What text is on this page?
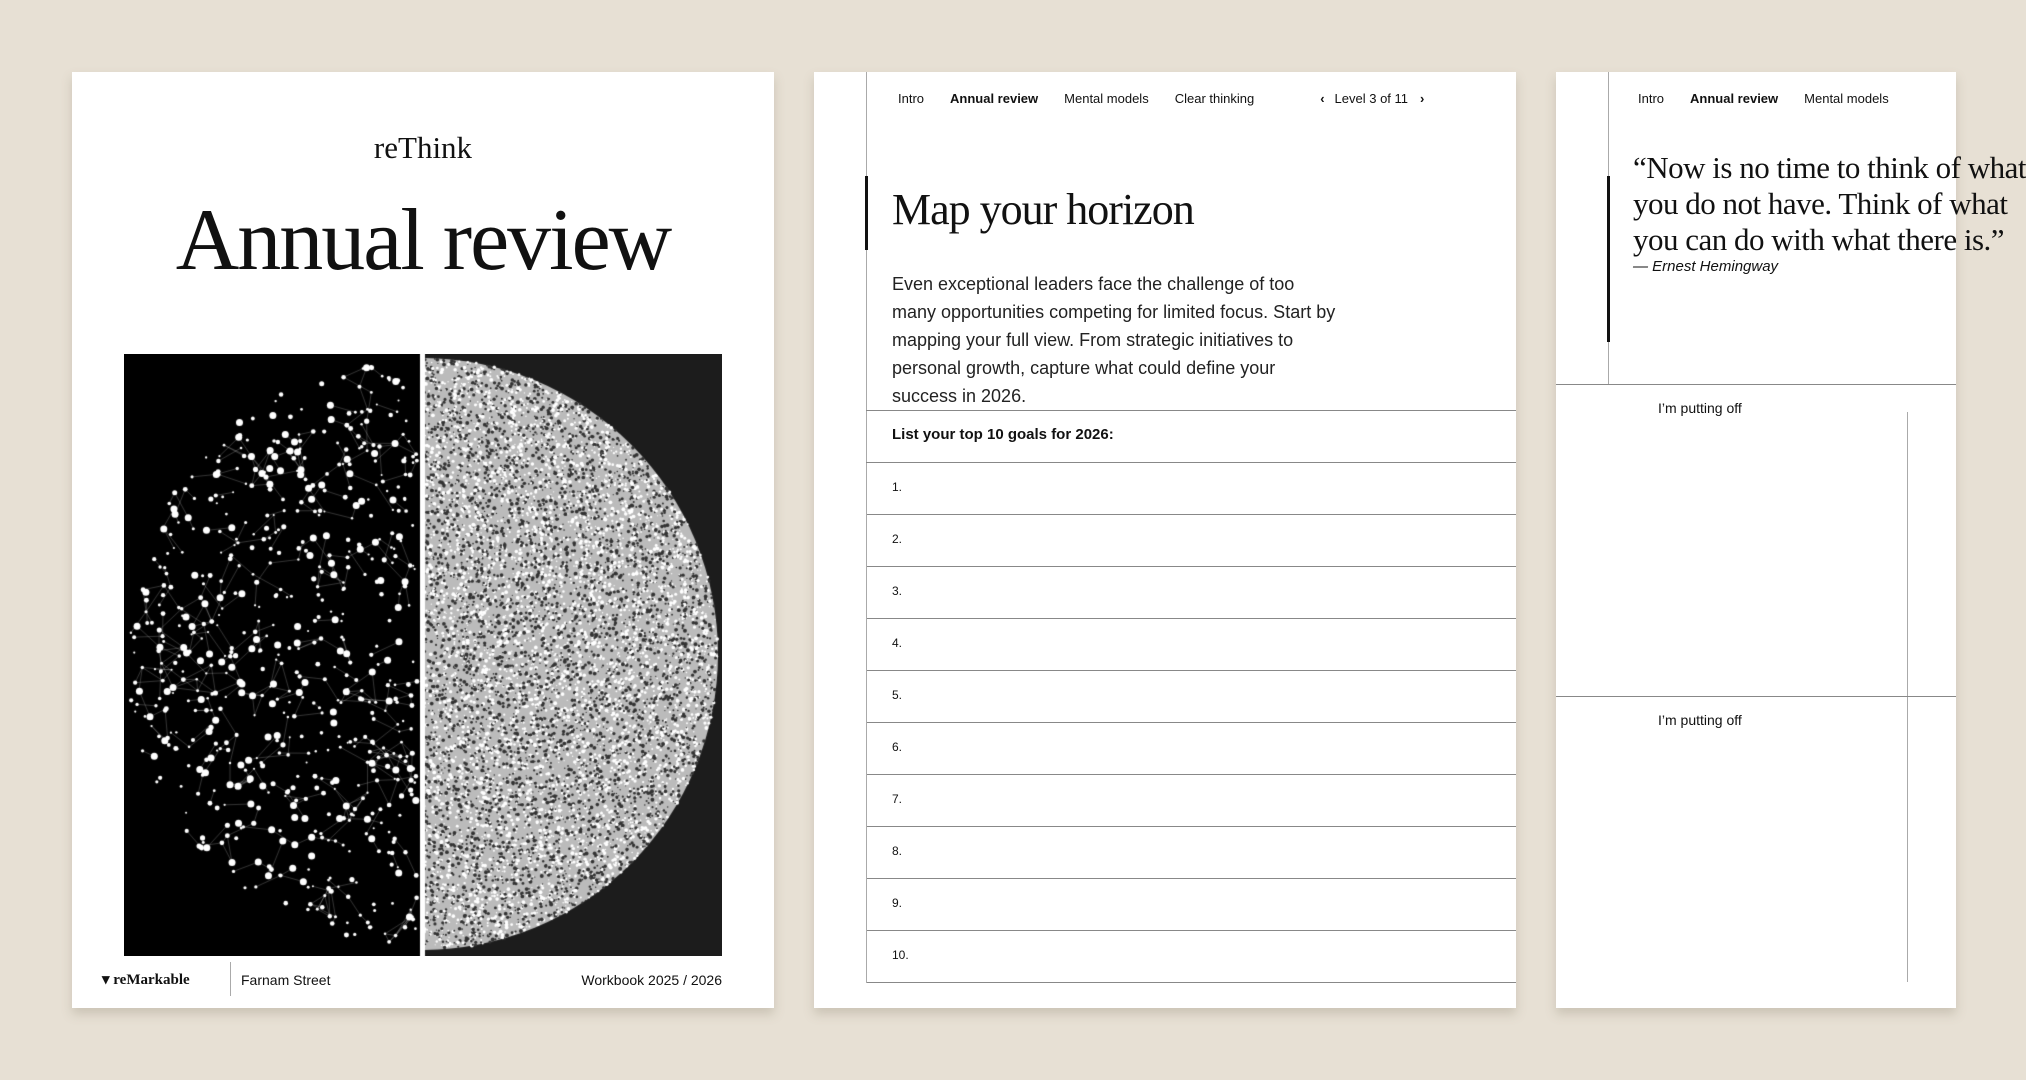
reThink
Annual review
▾ reMarkable	Farnam Street	Workbook 2025 / 2026
Intro Annual review Mental models Clear thinking	‹ Level 3 of 11 ›
Map your horizon
Even exceptional leaders face the challenge of too many opportunities competing for limited focus. Start by mapping your full view. From strategic initiatives to personal growth, capture what could define your success in 2026.
List your top 10 goals for 2026:
1.
2.
3.
4.
5.
6.
7.
8.
9.
10.
Intro Annual review Mental models
“Now is no time to think of what
you do not have. Think of what
you can do with what there is.”
— Ernest Hemingway
I’m putting off
I’m putting off
